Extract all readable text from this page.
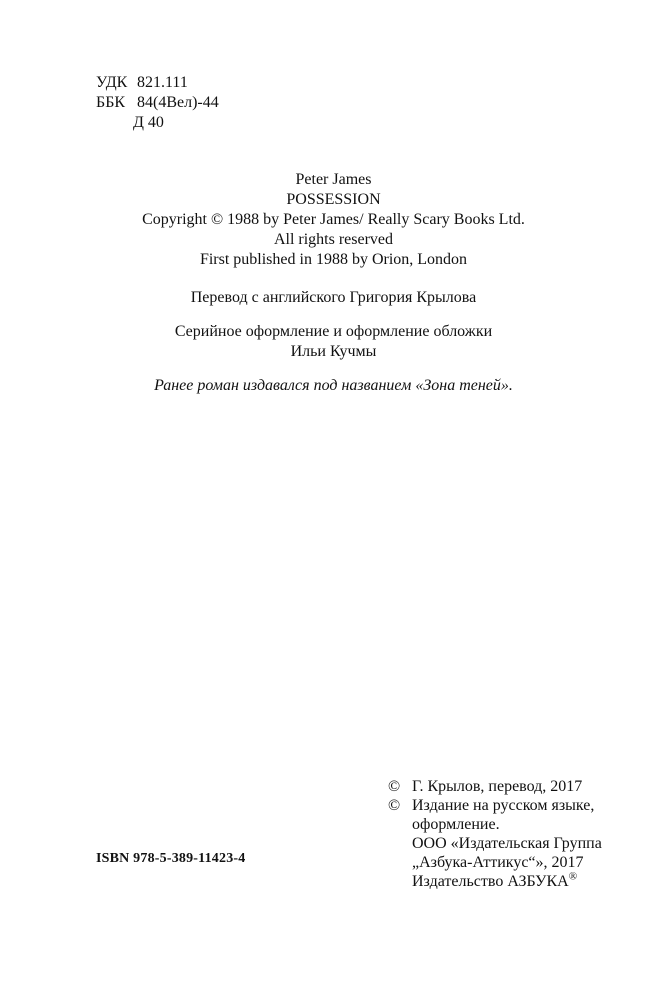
УДК 821.111
ББК 84(4Вел)-44
Д 40
Peter James
POSSESSION
Copyright © 1988 by Peter James/ Really Scary Books Ltd.
All rights reserved
First published in 1988 by Orion, London
Перевод с английского Григория Крылова
Серийное оформление и оформление обложки
Ильи Кучмы
Ранее роман издавался под названием «Зона теней».
© Г. Крылов, перевод, 2017
© Издание на русском языке,
оформление.
ООО «Издательская Группа
„Азбука-Аттикус“», 2017
Издательство АЗБУКА®
ISBN 978-5-389-11423-4
